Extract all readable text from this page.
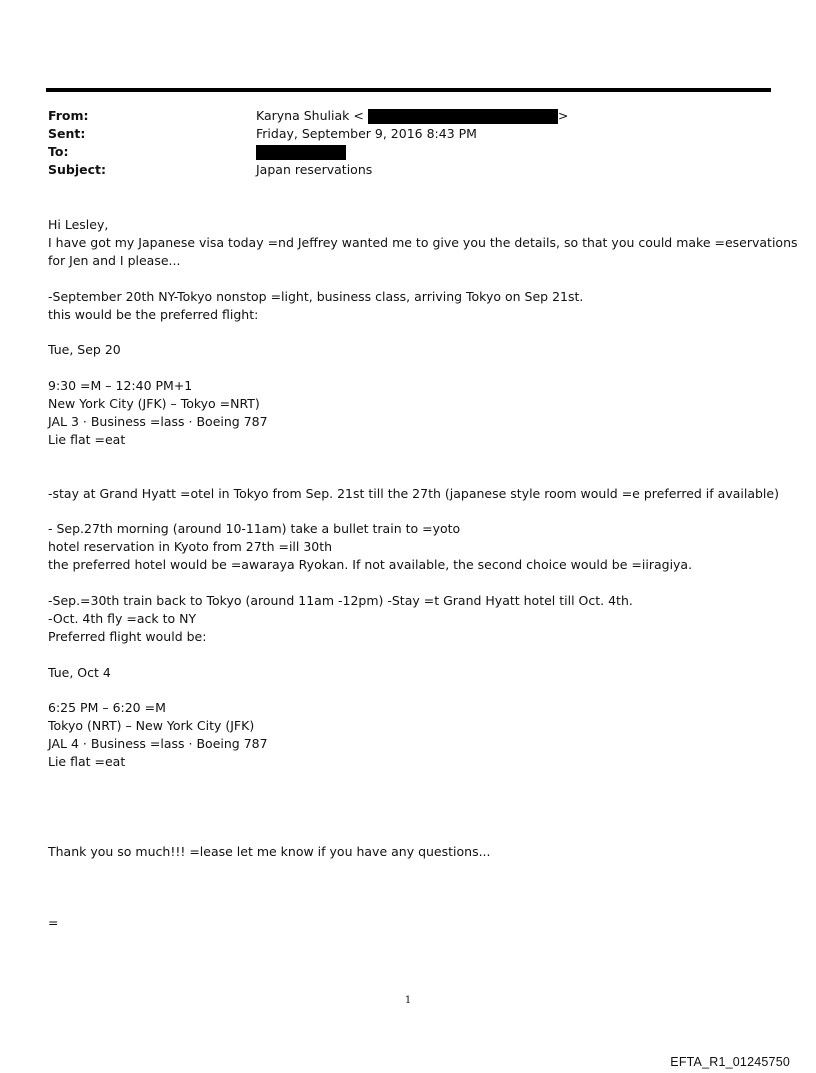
From:	Karyna Shuliak <	>
Sent:	Friday, September 9, 2016 8:43 PM
To:
Subject:	Japan reservations
Hi Lesley,
I have got my Japanese visa today =nd Jeffrey wanted me to give you the details, so that you could make =eservations
for Jen and I please...
-September 20th NY-Tokyo nonstop =light, business class, arriving Tokyo on Sep 21st.
this would be the preferred flight:
Tue, Sep 20
9:30 =M – 12:40 PM+1
New York City (JFK) – Tokyo =NRT)
JAL 3 · Business =lass · Boeing 787
Lie flat =eat
-stay at Grand Hyatt =otel in Tokyo from Sep. 21st till the 27th (japanese style room would =e preferred if available)
- Sep.27th morning (around 10-11am) take a bullet train to =yoto
hotel reservation in Kyoto from 27th =ill 30th
the preferred hotel would be =awaraya Ryokan. If not available, the second choice would be =iiragiya.
-Sep.=30th train back to Tokyo (around 11am -12pm) -Stay =t Grand Hyatt hotel till Oct. 4th.
-Oct. 4th fly =ack to NY
Preferred flight would be:
Tue, Oct 4
6:25 PM – 6:20 =M
Tokyo (NRT) – New York City (JFK)
JAL 4 · Business =lass · Boeing 787
Lie flat =eat
Thank you so much!!! =lease let me know if you have any questions...
=
1
EFTA_R1_01245750
